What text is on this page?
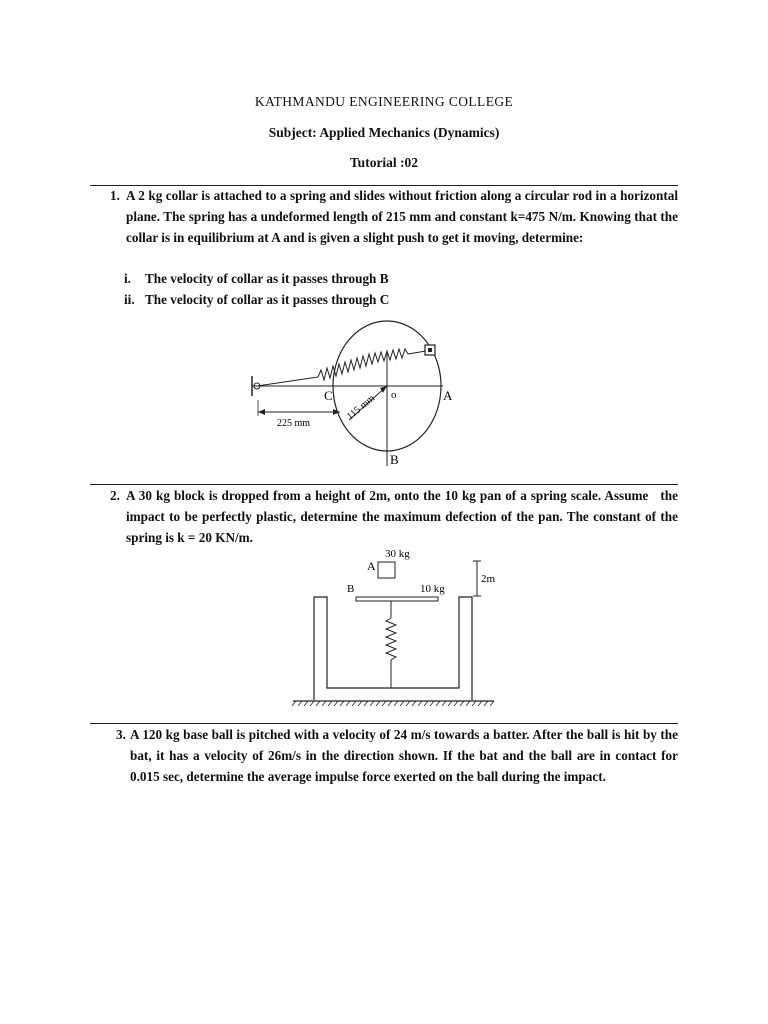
KATHMANDU ENGINEERING COLLEGE
Subject: Applied Mechanics (Dynamics)
Tutorial :02
1. A 2 kg collar is attached to a spring and slides without friction along a circular rod in a horizontal plane. The spring has a undeformed length of 215 mm and constant k=475 N/m. Knowing that the collar is in equilibrium at A and is given a slight push to get it moving, determine:
i. The velocity of collar as it passes through B
ii. The velocity of collar as it passes through C
115 mm
225 mm
C	o	A
B
2. A 30 kg block is dropped from a height of 2m, onto the 10 kg pan of a spring scale. Assume   the impact to be perfectly plastic, determine the maximum defection of the pan. The constant of the spring is k = 20 KN/m.
30 kg
A
2m
B	10 kg
3. A 120 kg base ball is pitched with a velocity of 24 m/s towards a batter. After the ball is hit by the bat, it has a velocity of 26m/s in the direction shown. If the bat and the ball are in contact for 0.015 sec, determine the average impulse force exerted on the ball during the impact.
